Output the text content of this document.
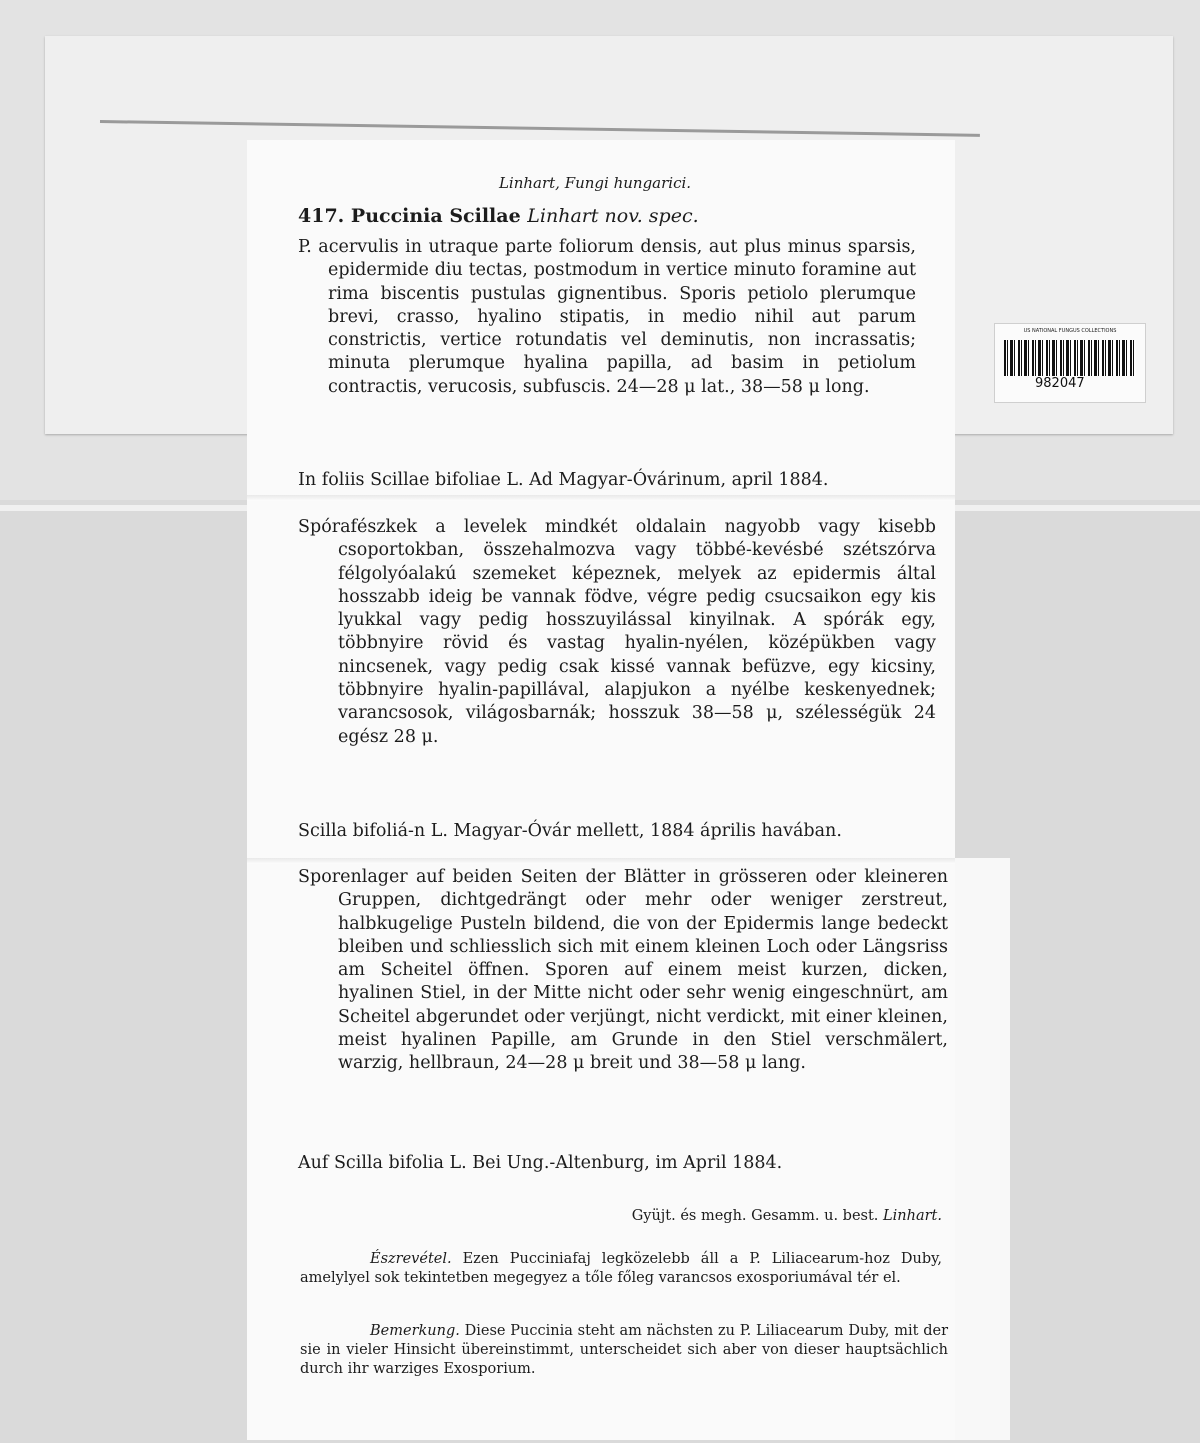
US NATIONAL FUNGUS COLLECTIONS
982047
Linhart, Fungi hungarici.
417. Puccinia Scillae Linhart nov. spec.
P. acervulis in utraque parte foliorum densis, aut plus minus sparsis, epidermide diu tectas, postmodum in vertice minuto foramine aut rima biscentis pustulas gignentibus. Sporis petiolo plerumque brevi, crasso, hyalino stipatis, in medio nihil aut parum constrictis, vertice rotundatis vel deminutis, non incrassatis; minuta plerumque hyalina papilla, ad basim in petiolum contractis, verucosis, subfuscis. 24—28 μ lat., 38—58 μ long.
In foliis Scillae bifoliae L. Ad Magyar-Óvárinum, april 1884.
Spórafészkek a levelek mindkét oldalain nagyobb vagy kisebb csoportokban, összehalmozva vagy többé-kevésbé szétszórva félgolyóalakú szemeket képeznek, melyek az epidermis által hosszabb ideig be vannak födve, végre pedig csucsaikon egy kis lyukkal vagy pedig hosszuyilással kinyilnak. A spórák egy, többnyire rövid és vastag hyalin-nyélen, középükben vagy nincsenek, vagy pedig csak kissé vannak befüzve, egy kicsiny, többnyire hyalin-papillával, alapjukon a nyélbe keskenyednek; varancsosok, világosbarnák; hosszuk 38—58 μ, szélességük 24 egész 28 μ.
Scilla bifoliá-n L. Magyar-Óvár mellett, 1884 április havában.
Sporenlager auf beiden Seiten der Blätter in grösseren oder kleineren Gruppen, dichtgedrängt oder mehr oder weniger zerstreut, halbkugelige Pusteln bildend, die von der Epidermis lange bedeckt bleiben und schliesslich sich mit einem kleinen Loch oder Längsriss am Scheitel öffnen. Sporen auf einem meist kurzen, dicken, hyalinen Stiel, in der Mitte nicht oder sehr wenig eingeschnürt, am Scheitel abgerundet oder verjüngt, nicht verdickt, mit einer kleinen, meist hyalinen Papille, am Grunde in den Stiel verschmälert, warzig, hellbraun, 24—28 μ breit und 38—58 μ lang.
Auf Scilla bifolia L. Bei Ung.-Altenburg, im April 1884.
Gyüjt. és megh. Gesamm. u. best. Linhart.
Észrevétel. Ezen Pucciniafaj legközelebb áll a P. Liliacearum-hoz Duby, amelylyel sok tekintetben megegyez a tőle főleg varancsos exosporiumával tér el.
Bemerkung. Diese Puccinia steht am nächsten zu P. Liliacearum Duby, mit der sie in vieler Hinsicht übereinstimmt, unterscheidet sich aber von dieser hauptsächlich durch ihr warziges Exosporium.
